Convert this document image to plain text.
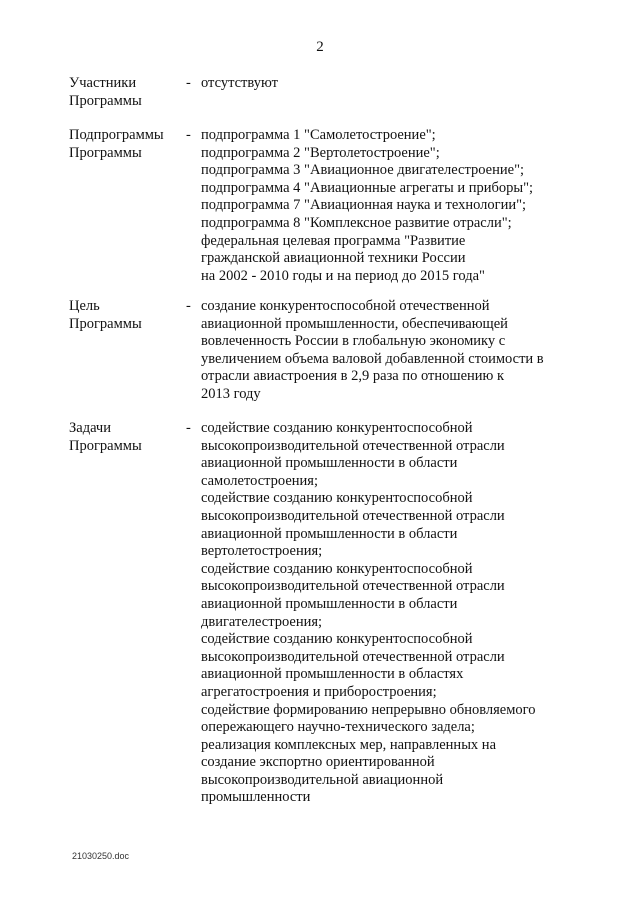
2
Участники
Программы
- отсутствуют
Подпрограммы
Программы
- подпрограмма 1 "Самолетостроение";
подпрограмма 2 "Вертолетостроение";
подпрограмма 3 "Авиационное двигателестроение";
подпрограмма 4 "Авиационные агрегаты и приборы";
подпрограмма 7 "Авиационная наука и технологии";
подпрограмма 8 "Комплексное развитие отрасли";
федеральная целевая программа "Развитие
гражданской авиационной техники России
на 2002 - 2010 годы и на период до 2015 года"
Цель
Программы
- создание конкурентоспособной отечественной
авиационной промышленности, обеспечивающей
вовлеченность России в глобальную экономику с
увеличением объема валовой добавленной стоимости в
отрасли авиастроения в 2,9 раза по отношению к
2013 году
Задачи
Программы
- содействие созданию конкурентоспособной
высокопроизводительной отечественной отрасли
авиационной промышленности в области
самолетостроения;
содействие созданию конкурентоспособной
высокопроизводительной отечественной отрасли
авиационной промышленности в области
вертолетостроения;
содействие созданию конкурентоспособной
высокопроизводительной отечественной отрасли
авиационной промышленности в области
двигателестроения;
содействие созданию конкурентоспособной
высокопроизводительной отечественной отрасли
авиационной промышленности в областях
агрегатостроения и приборостроения;
содействие формированию непрерывно обновляемого
опережающего научно-технического задела;
реализация комплексных мер, направленных на
создание экспортно ориентированной
высокопроизводительной авиационной
промышленности
21030250.doc
